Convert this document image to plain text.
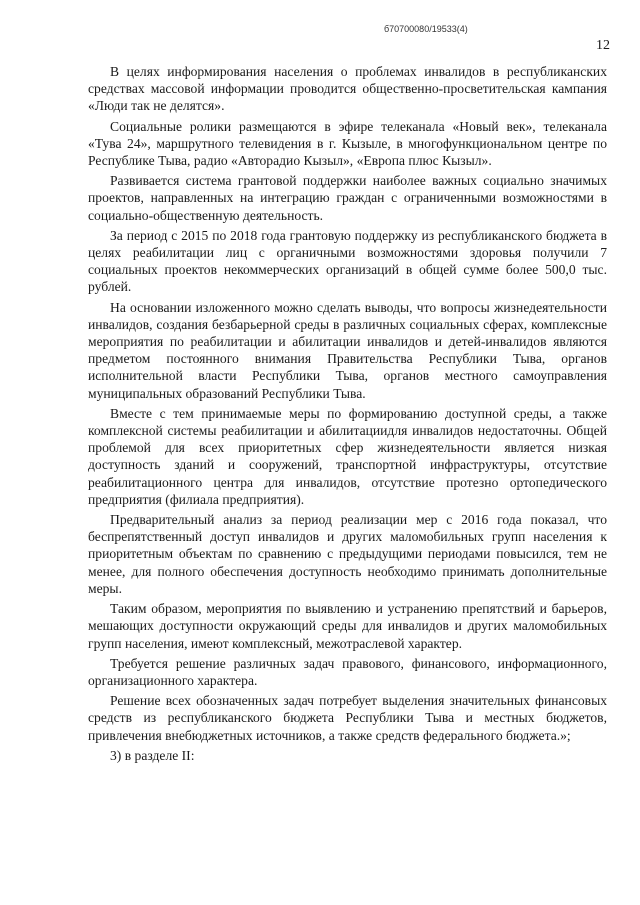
б70700080/19533(4)
12

В целях информирования населения о проблемах инвалидов в республиканских средствах массовой информации проводится общественно-просветительская кампания «Люди так не делятся».

Социальные ролики размещаются в эфире телеканала «Новый век», телеканала «Тува 24», маршрутного телевидения в г. Кызыле, в многофункциональном центре по Республике Тыва, радио «Авторадио Кызыл», «Европа плюс Кызыл».

Развивается система грантовой поддержки наиболее важных социально значимых проектов, направленных на интеграцию граждан с ограниченными возможностями в социально-общественную деятельность.

За период с 2015 по 2018 года грантовую поддержку из республиканского бюджета в целях реабилитации лиц с органичными возможностями здоровья получили 7 социальных проектов некоммерческих организаций в общей сумме более 500,0 тыс. рублей.

На основании изложенного можно сделать выводы, что вопросы жизнедеятельности инвалидов, создания безбарьерной среды в различных социальных сферах, комплексные мероприятия по реабилитации и абилитации инвалидов и детей-инвалидов являются предметом постоянного внимания Правительства Республики Тыва, органов исполнительной власти Республики Тыва, органов местного самоуправления муниципальных образований Республики Тыва.

Вместе с тем принимаемые меры по формированию доступной среды, а также комплексной системы реабилитации и абилитациидля инвалидов недостаточны. Общей проблемой для всех приоритетных сфер жизнедеятельности является низкая доступность зданий и сооружений, транспортной инфраструктуры, отсутствие реабилитационного центра для инвалидов, отсутствие протезно ортопедического предприятия (филиала предприятия).

Предварительный анализ за период реализации мер с 2016 года показал, что беспрепятственный доступ инвалидов и других маломобильных групп населения к приоритетным объектам по сравнению с предыдущими периодами повысился, тем не менее, для полного обеспечения доступность необходимо принимать дополнительные меры.

Таким образом, мероприятия по выявлению и устранению препятствий и барьеров, мешающих доступности окружающий среды для инвалидов и других маломобильных групп населения, имеют комплексный, межотраслевой характер.

Требуется решение различных задач правового, финансового, информационного, организационного характера.

Решение всех обозначенных задач потребует выделения значительных финансовых средств из республиканского бюджета Республики Тыва и местных бюджетов, привлечения внебюджетных источников, а также средств федерального бюджета.»;

3) в разделе II:
